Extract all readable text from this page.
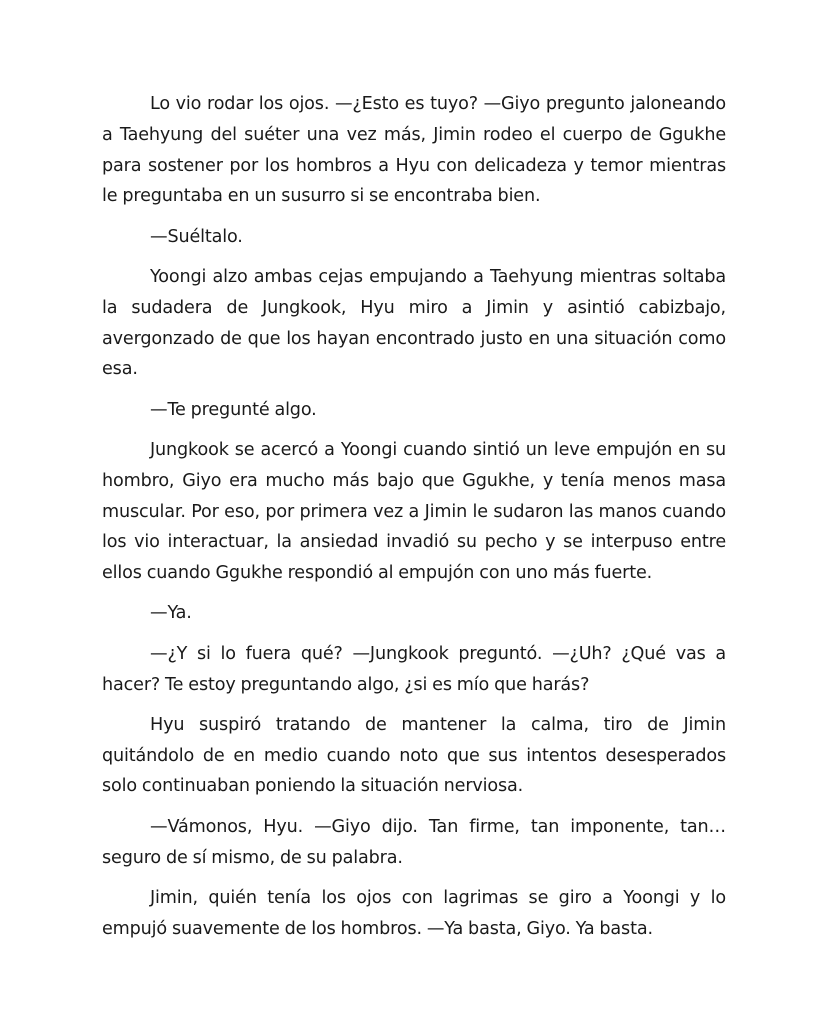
Lo vio rodar los ojos. —¿Esto es tuyo? —Giyo pregunto jaloneando a Taehyung del suéter una vez más, Jimin rodeo el cuerpo de Ggukhe para sostener por los hombros a Hyu con delicadeza y temor mientras le preguntaba en un susurro si se encontraba bien.

—Suéltalo.

Yoongi alzo ambas cejas empujando a Taehyung mientras soltaba la sudadera de Jungkook, Hyu miro a Jimin y asintió cabizbajo, avergonzado de que los hayan encontrado justo en una situación como esa.

—Te pregunté algo.

Jungkook se acercó a Yoongi cuando sintió un leve empujón en su hombro, Giyo era mucho más bajo que Ggukhe, y tenía menos masa muscular. Por eso, por primera vez a Jimin le sudaron las manos cuando los vio interactuar, la ansiedad invadió su pecho y se interpuso entre ellos cuando Ggukhe respondió al empujón con uno más fuerte.

—Ya.

—¿Y si lo fuera qué? —Jungkook preguntó. —¿Uh? ¿Qué vas a hacer? Te estoy preguntando algo, ¿si es mío que harás?

Hyu suspiró tratando de mantener la calma, tiro de Jimin quitándolo de en medio cuando noto que sus intentos desesperados solo continuaban poniendo la situación nerviosa.

—Vámonos, Hyu. —Giyo dijo. Tan firme, tan imponente, tan… seguro de sí mismo, de su palabra.

Jimin, quién tenía los ojos con lagrimas se giro a Yoongi y lo empujó suavemente de los hombros. —Ya basta, Giyo. Ya basta.
